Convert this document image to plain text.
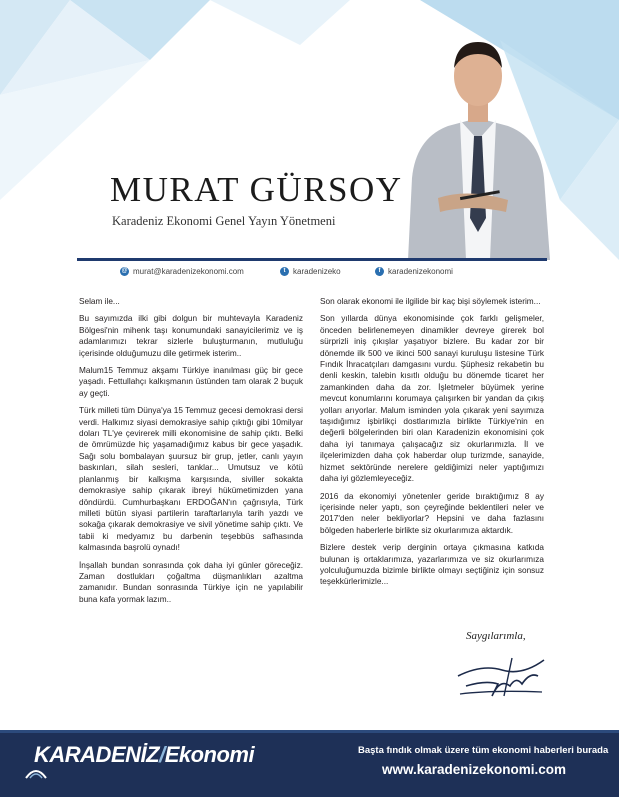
MURAT GÜRSOY
Karadeniz Ekonomi Genel Yayın Yönetmeni
@ murat@karadenizekonomi.com	t karadenizeko	f karadenizekonomi

Selam ile...

Bu sayımızda ilki gibi dolgun bir muhtevayla Karadeniz Bölgesi'nin mihenk taşı konumundaki sanayicilerimiz ve iş adamlarımızı tekrar sizlerle buluşturmanın, mutluluğu içerisinde olduğumuzu dile getirmek isterim..

Malum15 Temmuz akşamı Türkiye inanılması güç bir gece yaşadı. Fettullahçı kalkışmanın üstünden tam olarak 2 buçuk ay geçti.

Türk milleti tüm Dünya'ya 15 Temmuz gecesi demokrasi dersi verdi. Halkımız siyasi demokrasiye sahip çıktığı gibi 10milyar doları TL'ye çevirerek milli ekonomisine de sahip çıktı. Belki de ömrümüzde hiç yaşamadığımız kabus bir gece yaşadık. Sağı solu bombalayan şuursuz bir grup, jetler, canlı yayın baskınları, silah sesleri, tanklar... Umutsuz ve kötü planlanmış bir kalkışma karşısında, siviller sokakta demokrasiye sahip çıkarak ibreyi hükümetimizden yana döndürdü. Cumhurbaşkanı ERDOĞAN'ın çağrısıyla, Türk milleti bütün siyasi partilerin taraftarlarıyla tarih yazdı ve sokağa çıkarak demokrasiye ve sivil yönetime sahip çıktı. Ve tabii ki medyamız bu darbenin teşebbüs safhasında kalmasında başrolü oynadı!

İnşallah bundan sonrasında çok daha iyi günler göreceğiz. Zaman dostlukları çoğaltma düşmanlıkları azaltma zamanıdır. Bundan sonrasında Türkiye için ne yapılabilir buna kafa yormak lazım..

Son olarak ekonomi ile ilgilide bir kaç bişi söylemek isterim...

Son yıllarda dünya ekonomisinde çok farklı gelişmeler, önceden belirlenemeyen dinamikler devreye girerek bol sürprizli iniş çıkışlar yaşatıyor bizlere. Bu kadar zor bir dönemde ilk 500 ve ikinci 500 sanayi kuruluşu listesine Türk Fındık İhracatçıları damgasını vurdu. Şüphesiz rekabetin bu denli keskin, talebin kısıtlı olduğu bu dönemde ticaret her zamankinden daha da zor. İşletmeler büyümek yerine mevcut konumlarını korumaya çalışırken bir yandan da çıkış yolları arıyorlar. Malum isminden yola çıkarak yeni sayımıza taşıdığımız işbirlikçi dostlarımızla birlikte Türkiye'nin en değerli bölgelerinden biri olan Karadenizin ekonomisini çok daha iyi tanımaya çalışacağız siz okurlarımızla. İl ve ilçelerimizden daha çok haberdar olup turizmde, sanayide, hizmet sektöründe nerelere geldiğimizi neler yaptığımızı daha iyi gözlemleyeceğiz.

2016 da ekonomiyi yönetenler geride bıraktığımız 8 ay içerisinde neler yaptı, son çeyreğinde beklentileri neler ve 2017'den neler bekliyorlar? Hepsini ve daha fazlasını bölgeden haberlerle birlikte siz okurlarımıza aktardık.

Bizlere destek verip derginin ortaya çıkmasına katkıda bulunan iş ortaklarımıza, yazarlarımıza ve siz okurlarımıza yolculuğumuzda bizimle birlikte olmayı seçtiğiniz için sonsuz teşekkürlerimizle...

Saygılarımla,
KARADENİZ/Ekonomi	Başta fındık olmak üzere tüm ekonomi haberleri burada
www.karadenizekonomi.com
